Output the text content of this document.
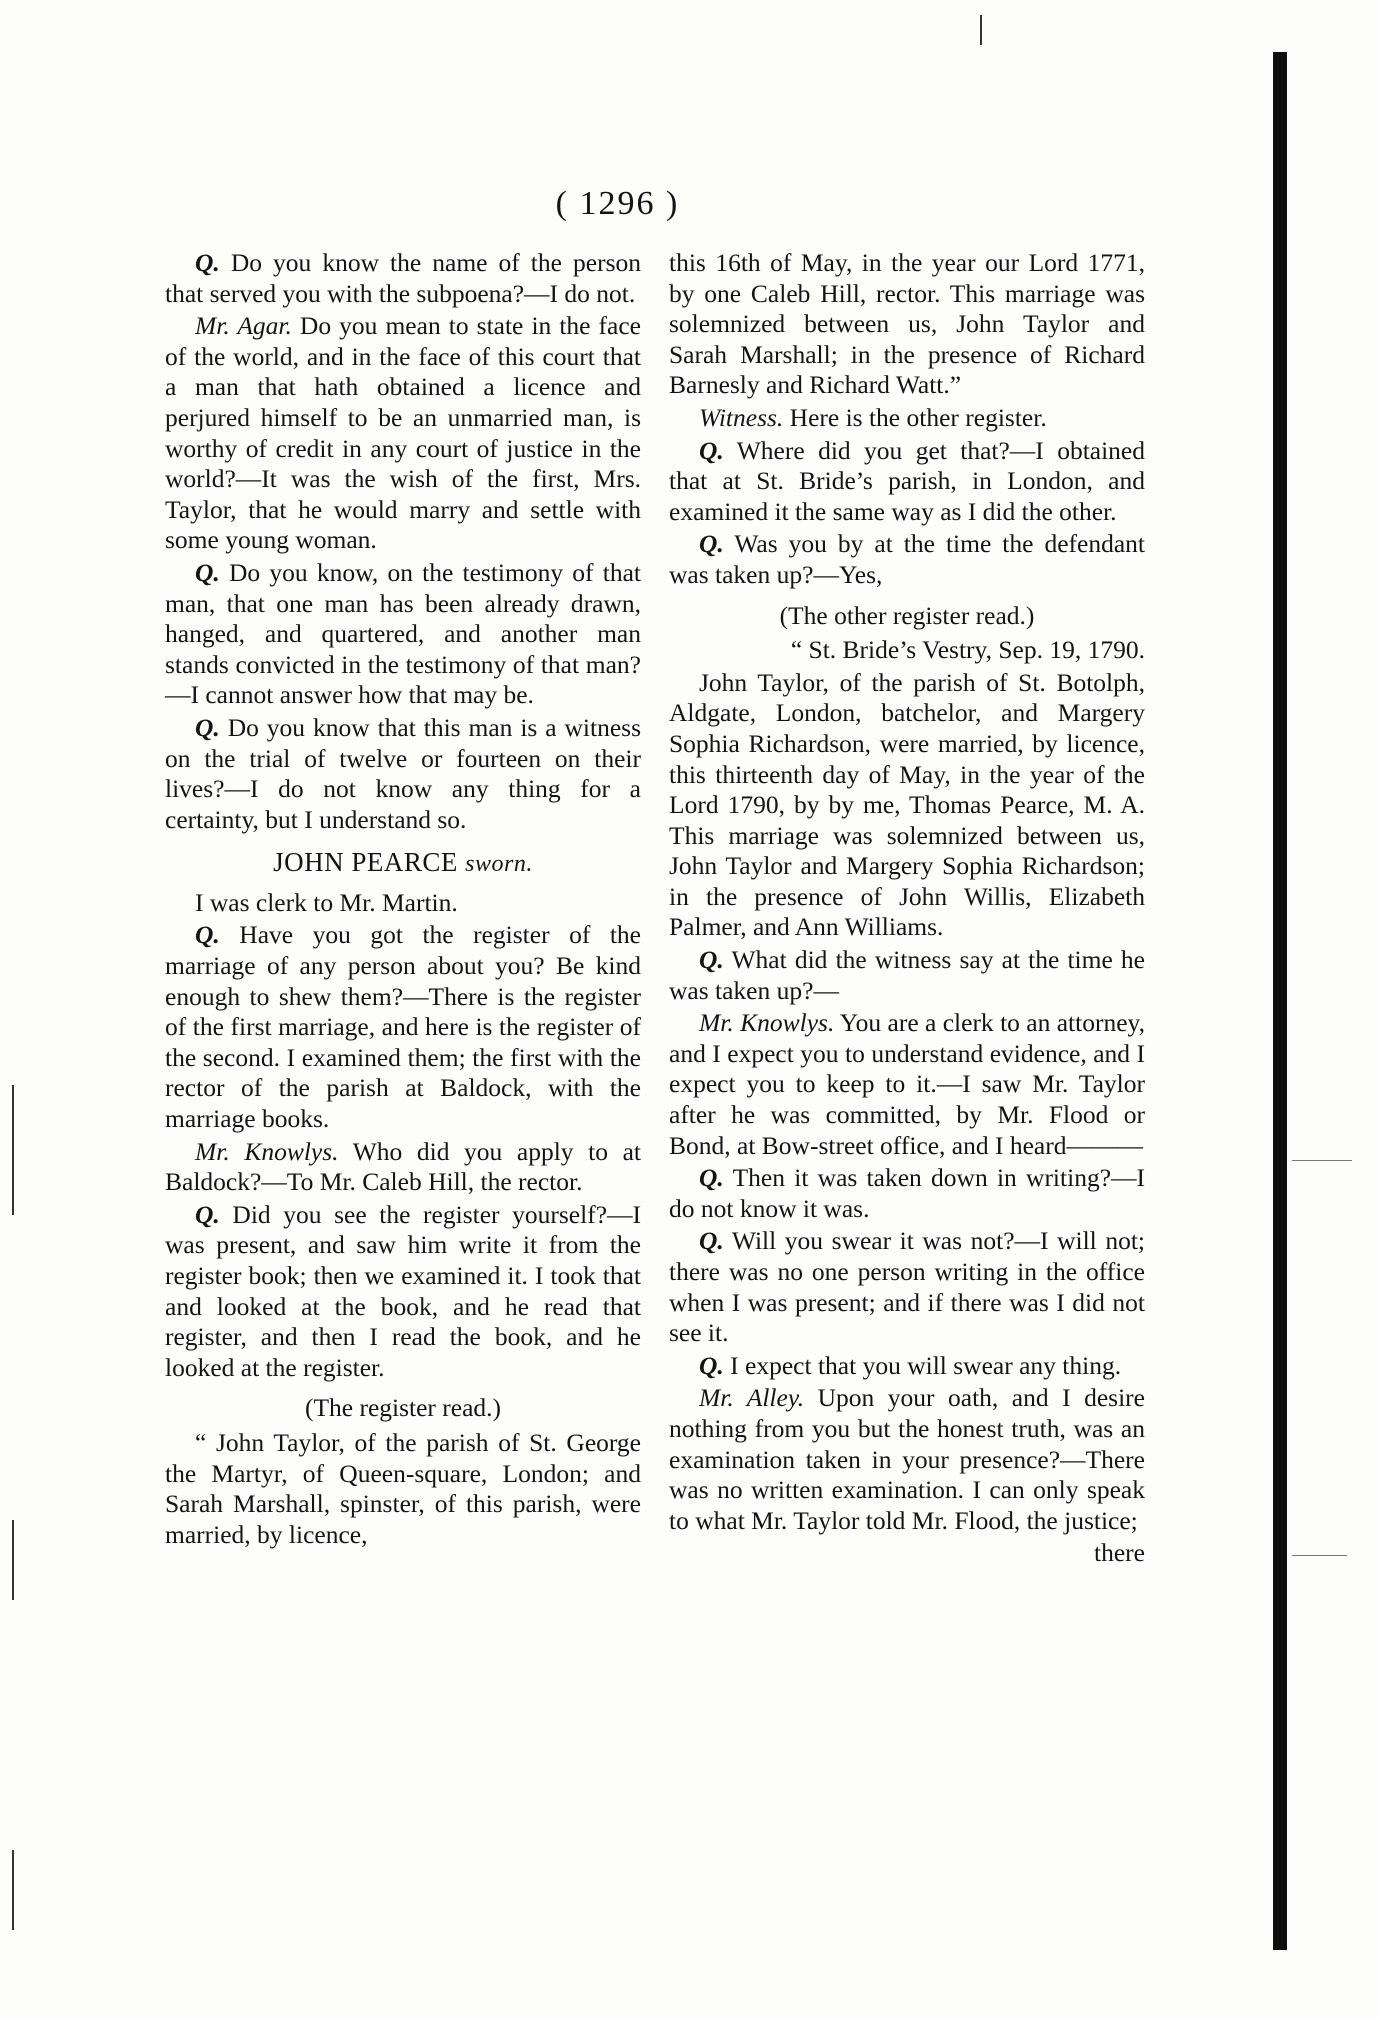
( 1296 )

Q. Do you know the name of the person that served you with the subpoena?—I do not.

Mr. Agar. Do you mean to state in the face of the world, and in the face of this court that a man that hath obtained a licence and perjured himself to be an unmarried man, is worthy of credit in any court of justice in the world?—It was the wish of the first, Mrs. Taylor, that he would marry and settle with some young woman.

Q. Do you know, on the testimony of that man, that one man has been already drawn, hanged, and quartered, and another man stands convicted in the testimony of that man?—I cannot answer how that may be.

Q. Do you know that this man is a witness on the trial of twelve or fourteen on their lives?—I do not know any thing for a certainty, but I understand so.

JOHN PEARCE sworn.

I was clerk to Mr. Martin.

Q. Have you got the register of the marriage of any person about you? Be kind enough to shew them?—There is the register of the first marriage, and here is the register of the second. I examined them; the first with the rector of the parish at Baldock, with the marriage books.

Mr. Knowlys. Who did you apply to at Baldock?—To Mr. Caleb Hill, the rector.

Q. Did you see the register yourself?—I was present, and saw him write it from the register book; then we examined it. I took that and looked at the book, and he read that register, and then I read the book, and he looked at the register.

(The register read.)

“ John Taylor, of the parish of St. George the Martyr, of Queen-square, London; and Sarah Marshall, spinster, of this parish, were married, by licence,

this 16th of May, in the year our Lord 1771, by one Caleb Hill, rector. This marriage was solemnized between us, John Taylor and Sarah Marshall; in the presence of Richard Barnesly and Richard Watt.”

Witness. Here is the other register.

Q. Where did you get that?—I obtained that at St. Bride’s parish, in London, and examined it the same way as I did the other.

Q. Was you by at the time the defendant was taken up?—Yes,

(The other register read.)

“ St. Bride’s Vestry, Sep. 19, 1790.

John Taylor, of the parish of St. Botolph, Aldgate, London, batchelor, and Margery Sophia Richardson, were married, by licence, this thirteenth day of May, in the year of the Lord 1790, by by me, Thomas Pearce, M. A. This marriage was solemnized between us, John Taylor and Margery Sophia Richardson; in the presence of John Willis, Elizabeth Palmer, and Ann Williams.

Q. What did the witness say at the time he was taken up?—

Mr. Knowlys. You are a clerk to an attorney, and I expect you to understand evidence, and I expect you to keep to it.—I saw Mr. Taylor after he was committed, by Mr. Flood or Bond, at Bow-street office, and I heard———

Q. Then it was taken down in writing?—I do not know it was.

Q. Will you swear it was not?—I will not; there was no one person writing in the office when I was present; and if there was I did not see it.

Q. I expect that you will swear any thing.

Mr. Alley. Upon your oath, and I desire nothing from you but the honest truth, was an examination taken in your presence?—There was no written examination. I can only speak to what Mr. Taylor told Mr. Flood, the justice;

there
